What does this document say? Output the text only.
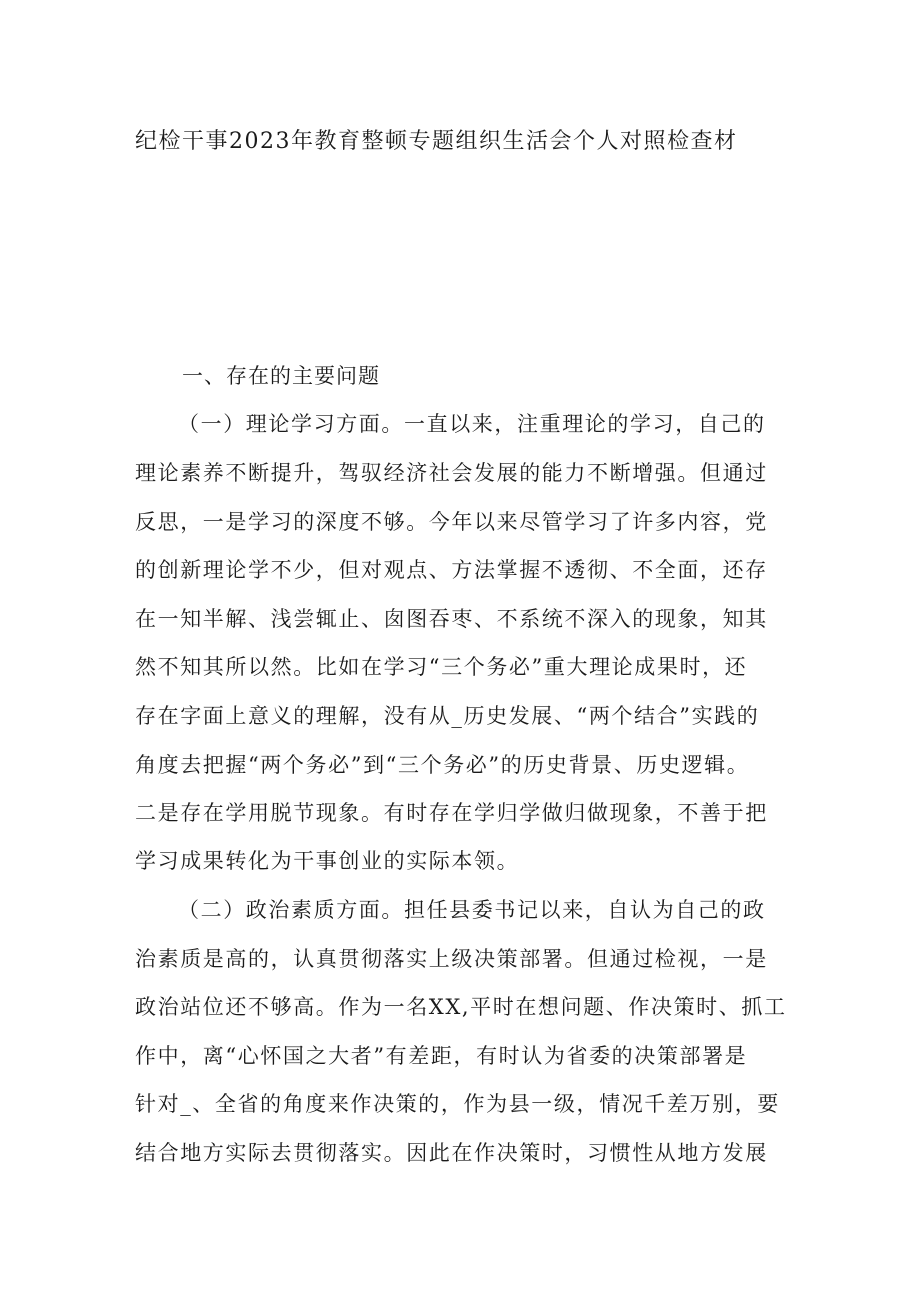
纪检干事2023年教育整顿专题组织生活会个人对照检查材
一、存在的主要问题
（一）理论学习方面。一直以来，注重理论的学习，自己的
理论素养不断提升，驾驭经济社会发展的能力不断增强。但通过
反思，一是学习的深度不够。今年以来尽管学习了许多内容，党
的创新理论学不少，但对观点、方法掌握不透彻、不全面，还存
在一知半解、浅尝辄止、囱图吞枣、不系统不深入的现象，知其
然不知其所以然。比如在学习“三个务必”重大理论成果时，还
存在字面上意义的理解，没有从_历史发展、“两个结合”实践的
角度去把握“两个务必”到“三个务必”的历史背景、历史逻辑。
二是存在学用脱节现象。有时存在学归学做归做现象，不善于把
学习成果转化为干事创业的实际本领。
（二）政治素质方面。担任县委书记以来，自认为自己的政
治素质是高的，认真贯彻落实上级决策部署。但通过检视，一是
政治站位还不够高。作为一名XX,平时在想问题、作决策时、抓工
作中，离“心怀国之大者”有差距，有时认为省委的决策部署是
针对_、全省的角度来作决策的，作为县一级，情况千差万别，要
结合地方实际去贯彻落实。因此在作决策时，习惯性从地方发展
